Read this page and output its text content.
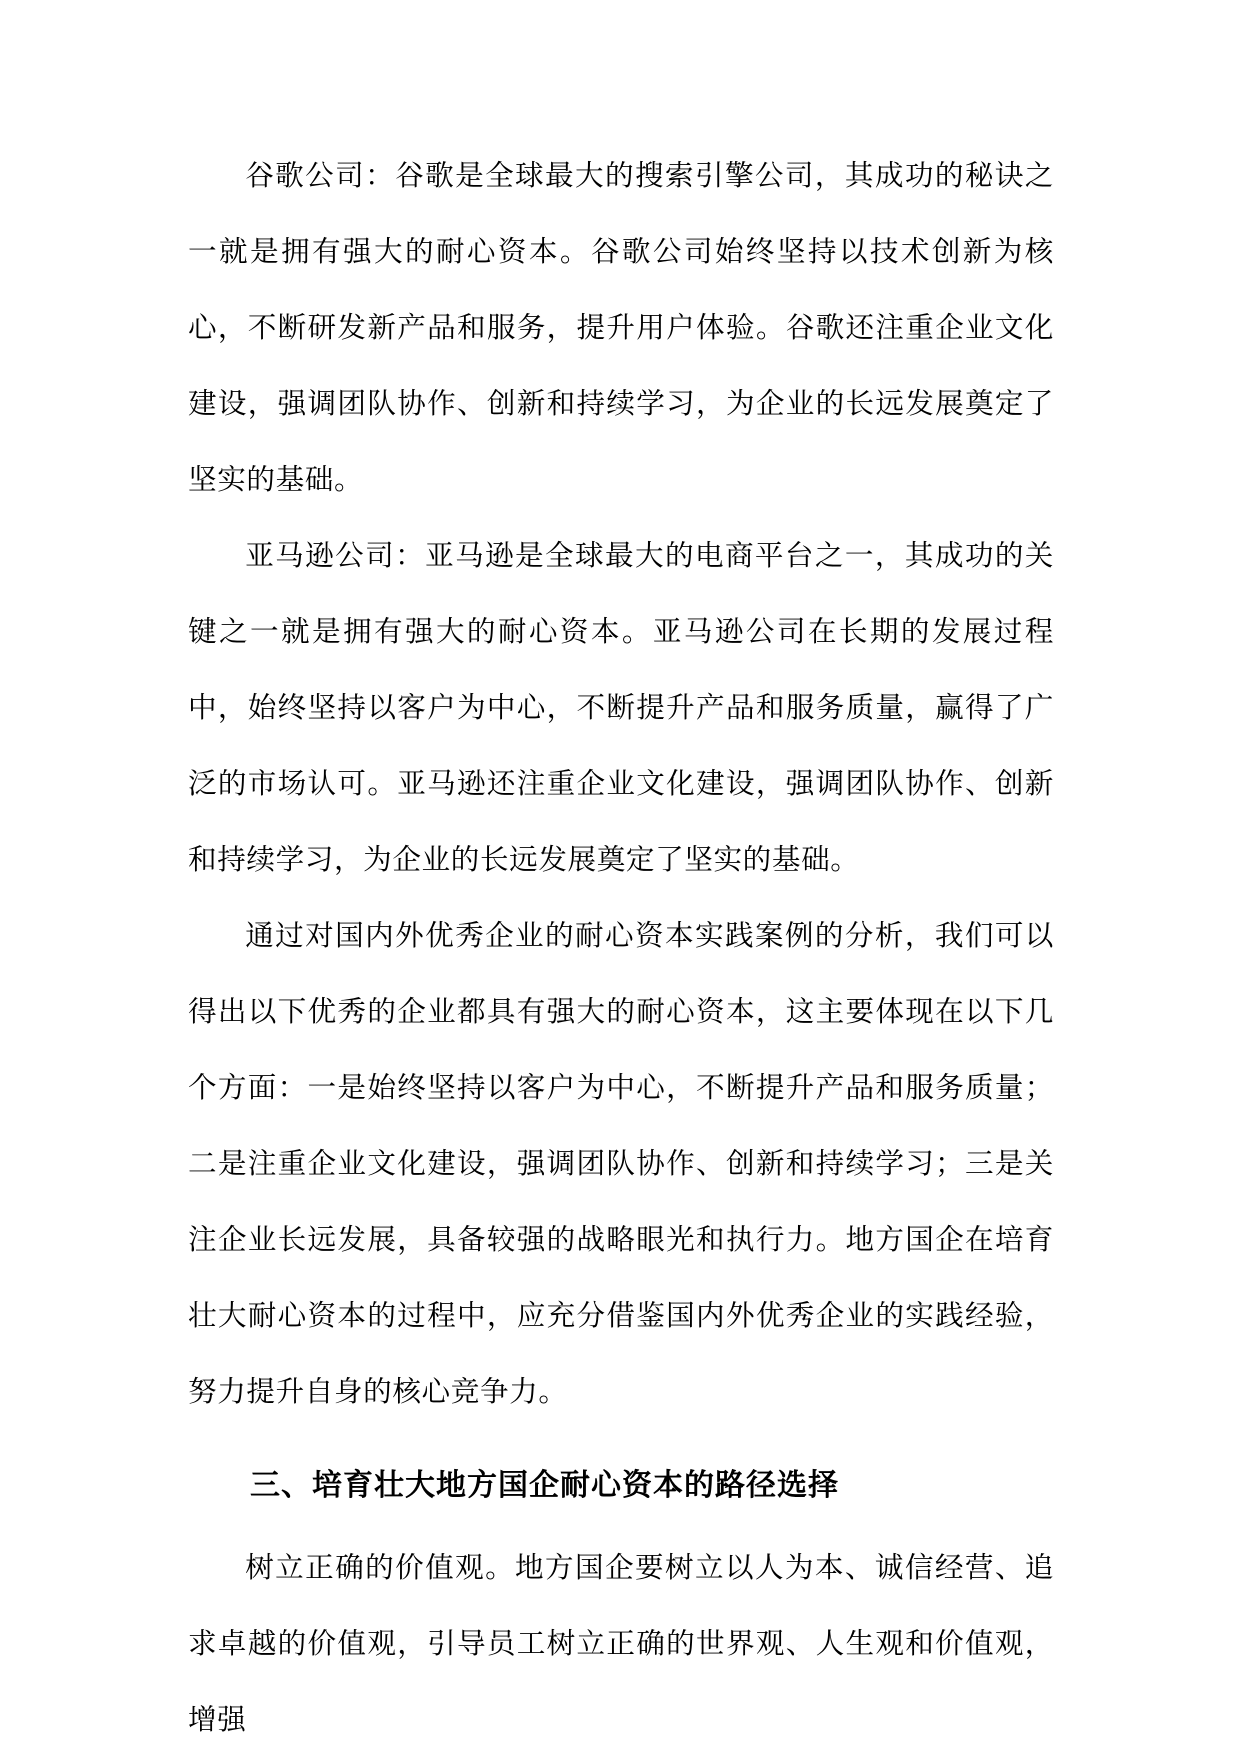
谷歌公司：谷歌是全球最大的搜索引擎公司，其成功的秘诀之一就是拥有强大的耐心资本。谷歌公司始终坚持以技术创新为核心，不断研发新产品和服务，提升用户体验。谷歌还注重企业文化建设，强调团队协作、创新和持续学习，为企业的长远发展奠定了坚实的基础。

亚马逊公司：亚马逊是全球最大的电商平台之一，其成功的关键之一就是拥有强大的耐心资本。亚马逊公司在长期的发展过程中，始终坚持以客户为中心，不断提升产品和服务质量，赢得了广泛的市场认可。亚马逊还注重企业文化建设，强调团队协作、创新和持续学习，为企业的长远发展奠定了坚实的基础。

通过对国内外优秀企业的耐心资本实践案例的分析，我们可以得出以下优秀的企业都具有强大的耐心资本，这主要体现在以下几个方面：一是始终坚持以客户为中心，不断提升产品和服务质量；二是注重企业文化建设，强调团队协作、创新和持续学习；三是关注企业长远发展，具备较强的战略眼光和执行力。地方国企在培育壮大耐心资本的过程中，应充分借鉴国内外优秀企业的实践经验，努力提升自身的核心竞争力。

三、培育壮大地方国企耐心资本的路径选择

树立正确的价值观。地方国企要树立以人为本、诚信经营、追求卓越的价值观，引导员工树立正确的世界观、人生观和价值观，增强
